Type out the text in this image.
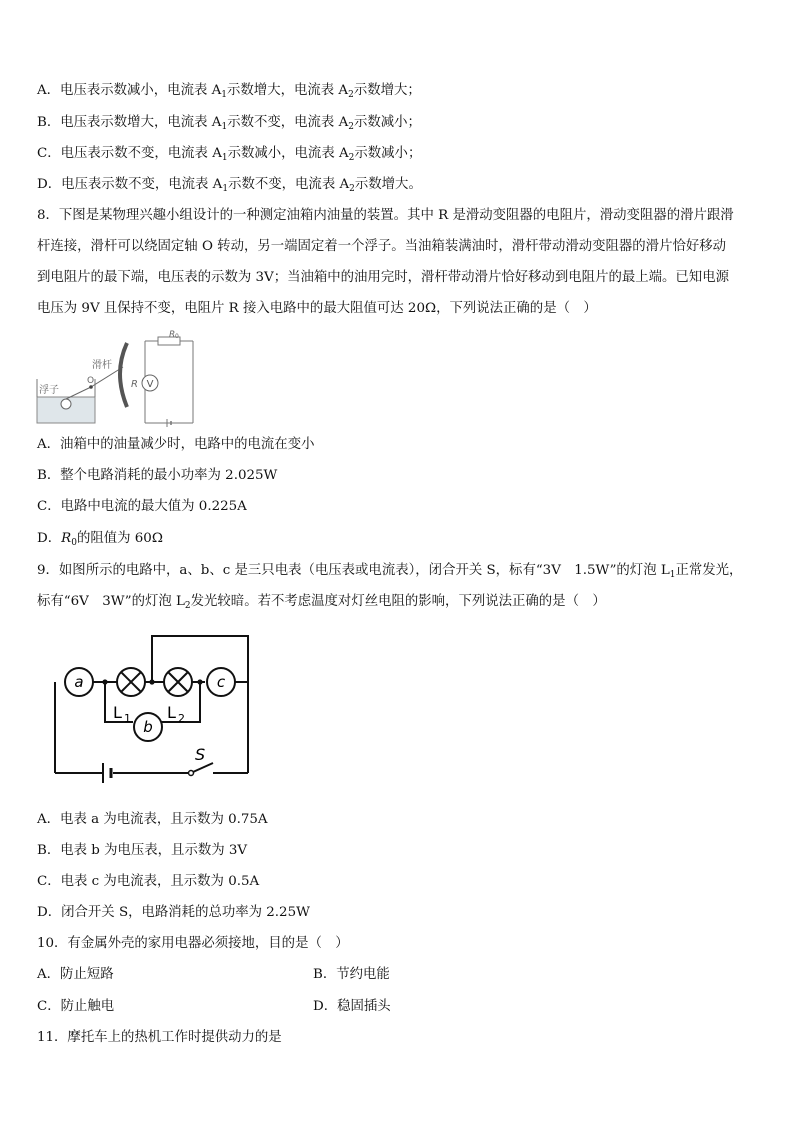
A．电压表示数减小，电流表 $A_1$示数增大，电流表 $A_2$示数增大；
B．电压表示数增大，电流表 $A_1$示数不变，电流表 $A_2$示数减小；
C．电压表示数不变，电流表 $A_1$示数减小，电流表 $A_2$示数减小；
D．电压表示数不变，电流表 $A_1$示数不变，电流表 $A_2$示数增大。
8．下图是某物理兴趣小组设计的一种测定油箱内油量的装置。其中 R 是滑动变阻器的电阻片，滑动变阻器的滑片跟滑
杆连接，滑杆可以绕固定轴 O 转动，另一端固定着一个浮子。当油箱装满油时，滑杆带动滑动变阻器的滑片恰好移动
到电阻片的最下端，电压表的示数为 3V；当油箱中的油用完时，滑杆带动滑片恰好移动到电阻片的最上端。已知电源
电压为 9V 且保持不变，电阻片 R 接入电路中的最大阻值可达 20Ω，下列说法正确的是（　）
V
R 0
R
浮子
滑杆
O
A．油箱中的油量减少时，电路中的电流在变小
B．整个电路消耗的最小功率为 2.025W
C．电路中电流的最大值为 0.225A
D．$R_0$的阻值为 60Ω
9．如图所示的电路中，a、b、c 是三只电表（电压表或电流表），闭合开关 S，标有“3V　1.5W”的灯泡 $L_1$正常发光，
标有“6V　3W”的灯泡 $L_2$发光较暗。若不考虑温度对灯丝电阻的影响，下列说法正确的是（　）
a	c
b
L 1 L 2
S
A．电表 a 为电流表，且示数为 0.75A
B．电表 b 为电压表，且示数为 3V
C．电表 c 为电流表，且示数为 0.5A
D．闭合开关 S，电路消耗的总功率为 2.25W
10．有金属外壳的家用电器必须接地，目的是（　）
A．防止短路	B．节约电能
C．防止触电	D．稳固插头
11．摩托车上的热机工作时提供动力的是
